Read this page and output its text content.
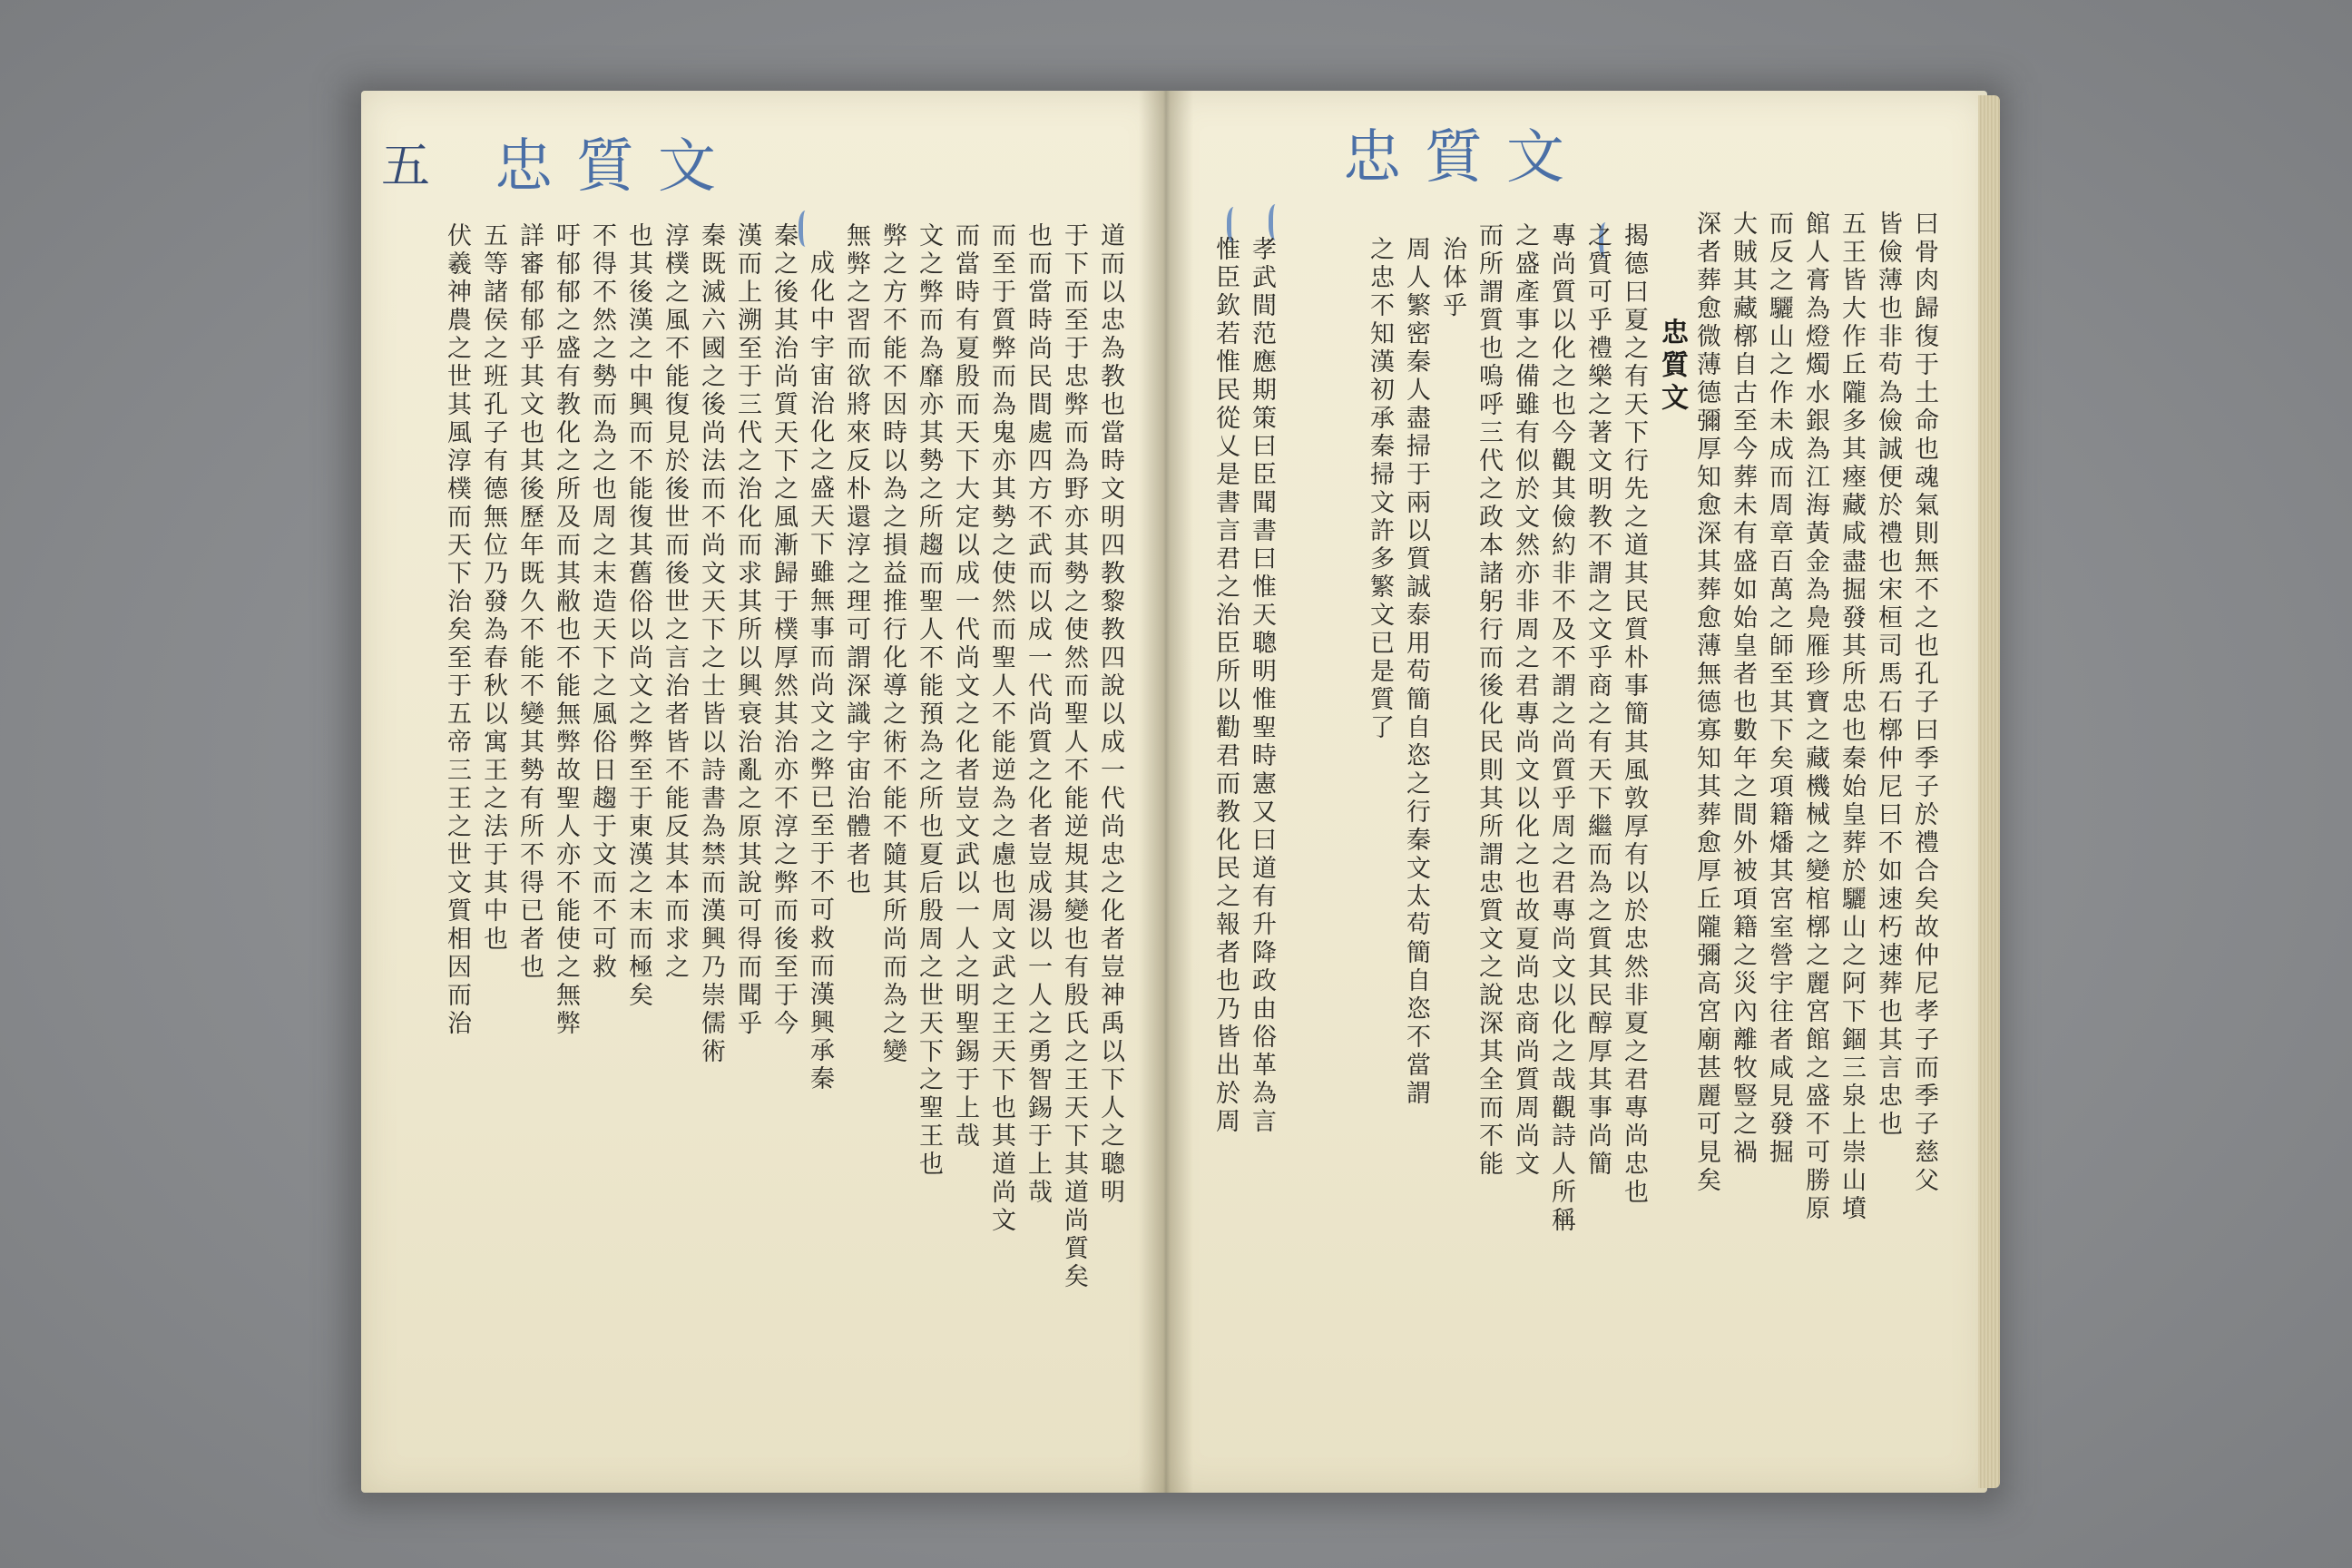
五 忠質文	忠質文
道而以忠為教也當時文明四教黎教四說以成一代尚忠之化者豈神禹以下人之聰明
于下而至于忠弊而為野亦其勢之使然而聖人不能逆規其變也有殷氏之王天下其道尚質矣
也而當時尚民間處四方不武而以成一代尚質之化者豈成湯以一人之勇智錫于上哉
而至于質弊而為鬼亦其勢之使然而聖人不能逆為之慮也周文武之王天下也其道尚文
而當時有夏殷而天下大定以成一代尚文之化者豈文武以一人之明聖錫于上哉
文之弊而為靡亦其勢之所趨而聖人不能預為之所也夏后殷周之世天下之聖王也
弊之方不能不因時以為之損益推行化導之術不能不隨其所尚而為之變
無弊之習而欲將來反朴還淳之理可謂深識宇宙治體者也
成化中宇宙治化之盛天下雖無事而尚文之弊已至于不可救而漢興承秦
秦之後其治尚質天下之風漸歸于樸厚然其治亦不淳之弊而後至于今
漢而上溯至于三代之治化而求其所以興衰治亂之原其說可得而聞乎
秦既滅六國之後尚法而不尚文天下之士皆以詩書為禁而漢興乃崇儒術
淳樸之風不能復見於後世而後世之言治者皆不能反其本而求之
也其後漢之中興而不能復其舊俗以尚文之弊至于東漢之末而極矣
不得不然之勢而為之也周之末造天下之風俗日趨于文而不可救
吁郁郁之盛有教化之所及而其敝也不能無弊故聖人亦不能使之無弊
詳審郁郁乎其文也其後歷年既久不能不變其勢有所不得已者也
五等諸侯之班孔子有德無位乃發為春秋以寓王之法于其中也
伏羲神農之世其風淳樸而天下治矣至于五帝三王之世文質相因而治	曰骨肉歸復于土命也魂氣則無不之也孔子曰季子於禮合矣故仲尼孝子而季子慈父
皆儉薄也非苟為儉誠便於禮也宋桓司馬石槨仲尼曰不如速朽速葬也其言忠也
五王皆大作丘隴多其瘞藏咸盡掘發其所忠也秦始皇葬於驪山之阿下錮三泉上崇山墳
館人膏為燈燭水銀為江海黃金為鳧雁珍寶之藏機械之變棺槨之麗宮館之盛不可勝原
而反之驪山之作未成而周章百萬之師至其下矣項籍燔其宮室營宇往者咸見發掘
大賊其藏槨自古至今葬未有盛如始皇者也數年之間外被項籍之災內離牧豎之禍
深者葬愈微薄德彌厚知愈深其葬愈薄無德寡知其葬愈厚丘隴彌高宮廟甚麗可見矣
忠質文
揭德曰夏之有天下行先之道其民質朴事簡其風敦厚有以於忠然非夏之君專尚忠也
之質可乎禮樂之著文明教不謂之文乎商之有天下繼而為之質其民醇厚其事尚簡
專尚質以化之也今觀其儉約非不及不謂之尚質乎周之君專尚文以化之哉觀詩人所稱
之盛產事之備雖有似於文然亦非周之君專尚文以化之也故夏尚忠商尚質周尚文
而所謂質也嗚呼三代之政本諸躬行而後化民則其所謂忠質文之說深其全而不能
治体乎
周人繁密秦人盡掃于兩以質誠泰用苟簡自恣之行秦文太苟簡自恣不當謂
之忠不知漢初承秦掃文許多繁文已是質了
孝武間范應期策曰臣聞書曰惟天聰明惟聖時憲又曰道有升降政由俗革為言
惟臣欽若惟民從乂是書言君之治臣所以勸君而教化民之報者也乃皆出於周
